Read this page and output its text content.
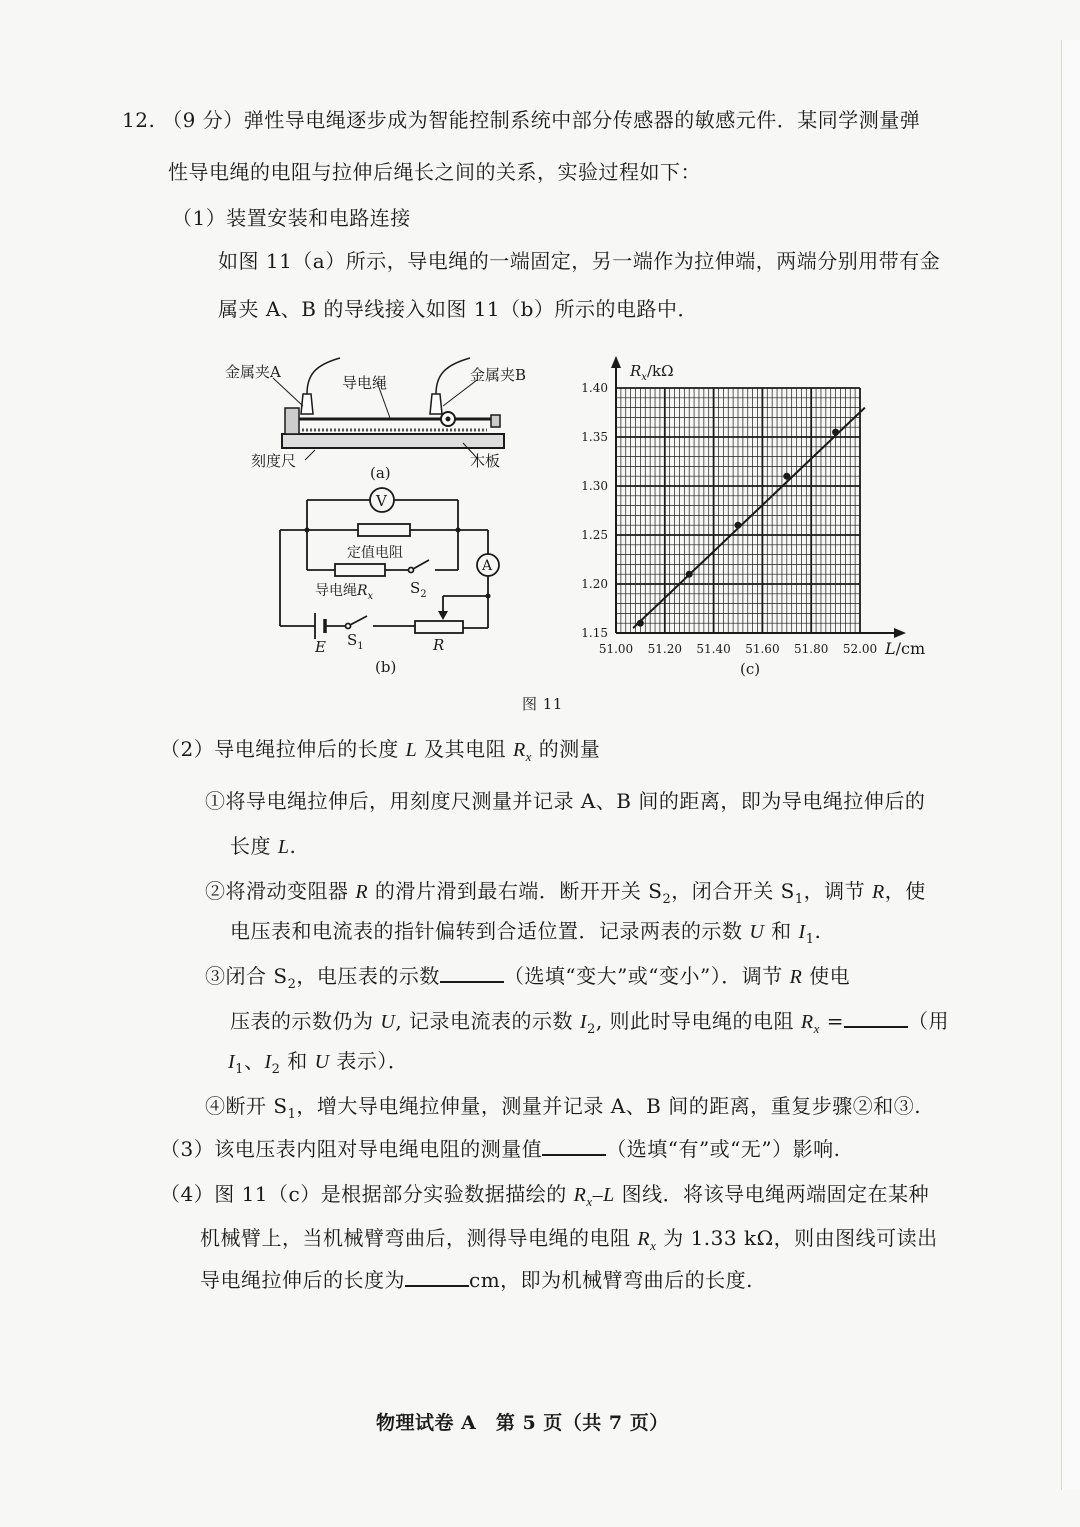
12. （9 分）弹性导电绳逐步成为智能控制系统中部分传感器的敏感元件．某同学测量弹
性导电绳的电阻与拉伸后绳长之间的关系，实验过程如下：
（1）装置安装和电路连接
如图 11（a）所示，导电绳的一端固定，另一端作为拉伸端，两端分别用带有金
属夹 A、B 的导线接入如图 11（b）所示的电路中．
金属夹A
导电绳	金属夹B
刻度尺	木板
(a)
V
A
定值电阻
导电绳$R_x$ $S_2$
$S_1$
E	R
(b)
51.00 51.20 51.40 51.60 51.80 52.00
1.15
1.20
1.25
1.30
1.35
1.40
$R_x/k\Omega$
L/cm
(c)
图 11
（2）导电绳拉伸后的长度 L 及其电阻 $R_x$ 的测量
①将导电绳拉伸后，用刻度尺测量并记录 A、B 间的距离，即为导电绳拉伸后的
长度 L.
②将滑动变阻器 R 的滑片滑到最右端．断开开关 $S_2$，闭合开关 $S_1$，调节 R，使
电压表和电流表的指针偏转到合适位置．记录两表的示数 U 和 $I_1$.
③闭合 $S_2$，电压表的示数	（选填“变大”或“变小”）．调节 R 使电
压表的示数仍为 U, 记录电流表的示数 $I_2$, 则此时导电绳的电阻 $R_x$ =	（用
$I_1$、$I_2$ 和 U 表示）．
④断开 $S_1$，增大导电绳拉伸量，测量并记录 A、B 间的距离，重复步骤②和③.
（3）该电压表内阻对导电绳电阻的测量值	（选填“有”或“无”）影响.
（4）图 11（c）是根据部分实验数据描绘的 $R_x-L$ 图线．将该导电绳两端固定在某种
机械臂上，当机械臂弯曲后，测得导电绳的电阻 $R_x$ 为 1.33 kΩ，则由图线可读出
导电绳拉伸后的长度为	cm，即为机械臂弯曲后的长度.
物理试卷 A　第 5 页（共 7 页）
